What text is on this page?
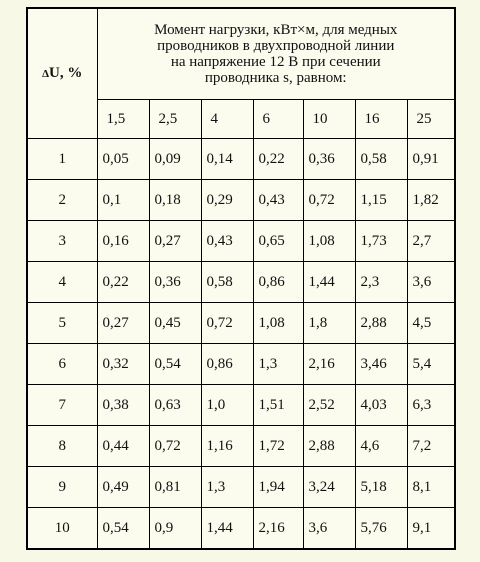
ΔU, %	Момент нагрузки, кВт×м, для медных
проводников в двухпроводной линии
на напряжение 12 В при сечении
проводника s, равном:						

	1,5	2,5	4	6	10	16	25
1	0,05	0,09	0,14	0,22	0,36	0,58	0,91
2	0,1	0,18	0,29	0,43	0,72	1,15	1,82
3	0,16	0,27	0,43	0,65	1,08	1,73	2,7
4	0,22	0,36	0,58	0,86	1,44	2,3	3,6
5	0,27	0,45	0,72	1,08	1,8	2,88	4,5
6	0,32	0,54	0,86	1,3	2,16	3,46	5,4
7	0,38	0,63	1,0	1,51	2,52	4,03	6,3
8	0,44	0,72	1,16	1,72	2,88	4,6	7,2
9	0,49	0,81	1,3	1,94	3,24	5,18	8,1
10	0,54	0,9	1,44	2,16	3,6	5,76	9,1
